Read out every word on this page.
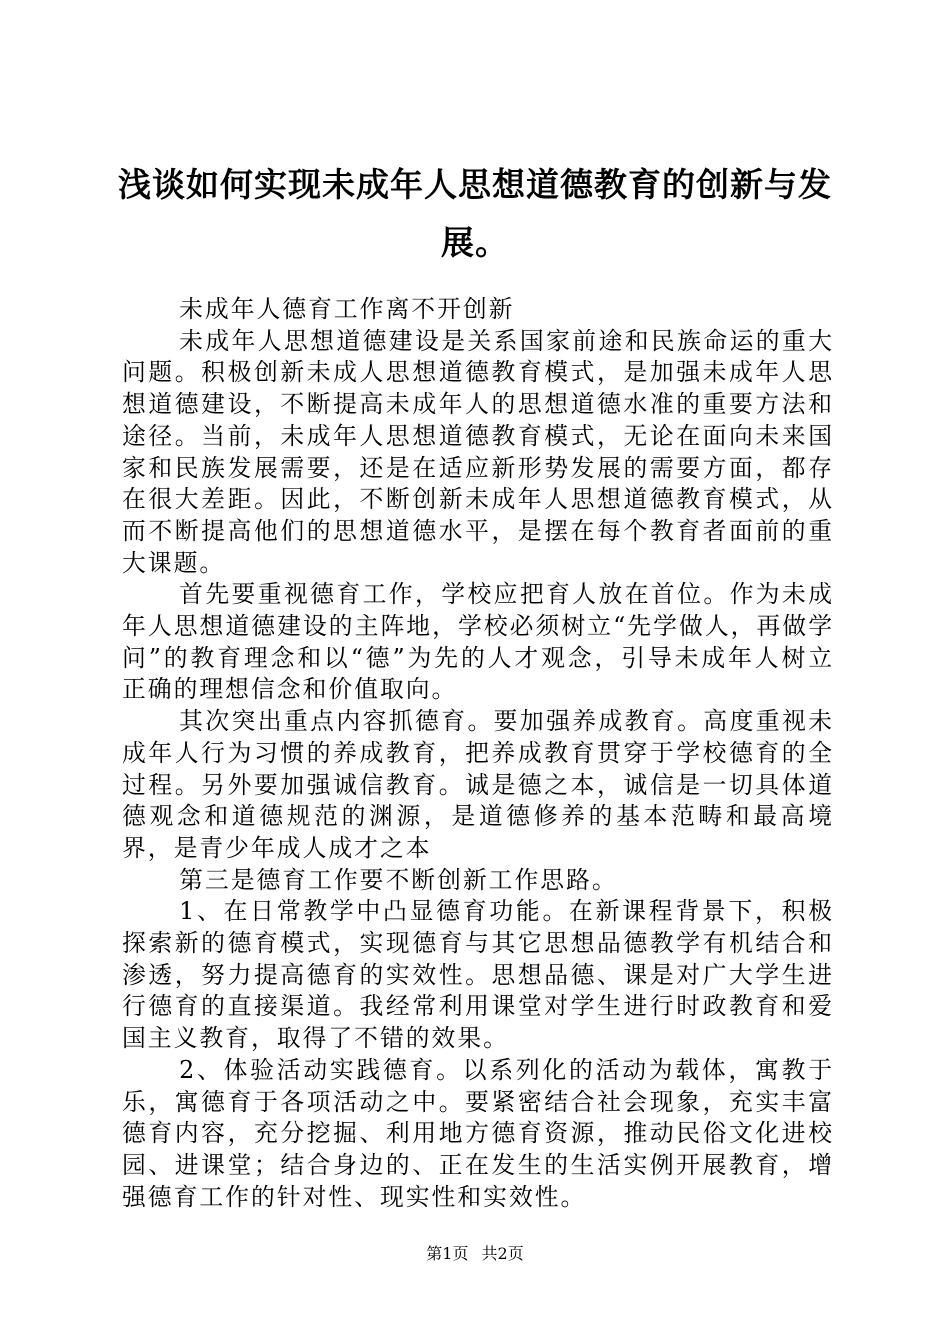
浅谈如何实现未成年人思想道德教育的创新与发展。

未成年人德育工作离不开创新

未成年人思想道德建设是关系国家前途和民族命运的重大问题。积极创新未成人思想道德教育模式，是加强未成年人思想道德建设，不断提高未成年人的思想道德水准的重要方法和途径。当前，未成年人思想道德教育模式，无论在面向未来国家和民族发展需要，还是在适应新形势发展的需要方面，都存在很大差距。因此，不断创新未成年人思想道德教育模式，从而不断提高他们的思想道德水平，是摆在每个教育者面前的重大课题。

首先要重视德育工作，学校应把育人放在首位。作为未成年人思想道德建设的主阵地，学校必须树立“先学做人，再做学问”的教育理念和以“德”为先的人才观念，引导未成年人树立正确的理想信念和价值取向。

其次突出重点内容抓德育。要加强养成教育。高度重视未成年人行为习惯的养成教育，把养成教育贯穿于学校德育的全过程。另外要加强诚信教育。诚是德之本，诚信是一切具体道德观念和道德规范的渊源，是道德修养的基本范畴和最高境界，是青少年成人成才之本

第三是德育工作要不断创新工作思路。

1、在日常教学中凸显德育功能。在新课程背景下，积极探索新的德育模式，实现德育与其它思想品德教学有机结合和渗透，努力提高德育的实效性。思想品德、课是对广大学生进行德育的直接渠道。我经常利用课堂对学生进行时政教育和爱国主义教育，取得了不错的效果。

2、体验活动实践德育。以系列化的活动为载体，寓教于乐，寓德育于各项活动之中。要紧密结合社会现象，充实丰富德育内容，充分挖掘、利用地方德育资源，推动民俗文化进校园、进课堂；结合身边的、正在发生的生活实例开展教育，增强德育工作的针对性、现实性和实效性。

第1页 共2页
